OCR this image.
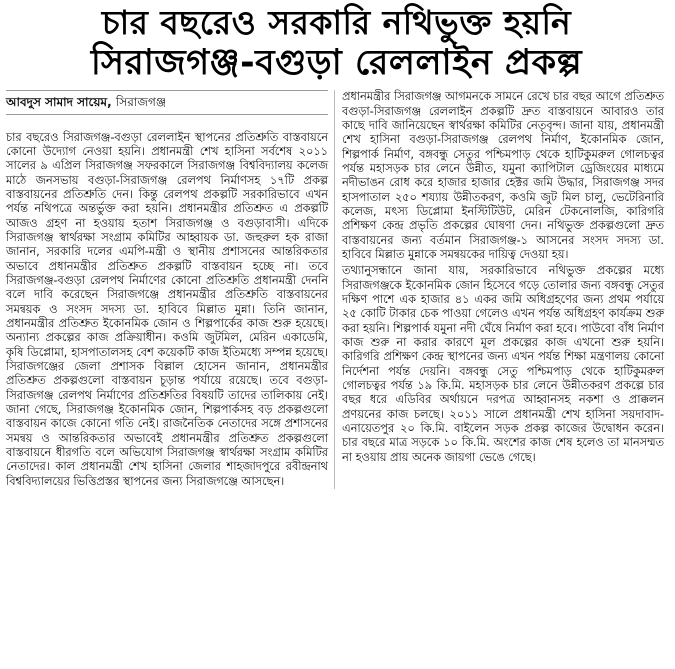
চার বছরেও সরকারি নথিভুক্ত হয়নি
সিরাজগঞ্জ-বগুড়া রেললাইন প্রকল্প
আবদুস সামাদ সায়েম, সিরাজগঞ্জ

চার বছরেও সিরাজগঞ্জ-বগুড়া রেললাইন স্থাপনের প্রতিশ্রুতি বাস্তবায়নে কোনো উদ্যোগ নেওয়া হয়নি। প্রধানমন্ত্রী শেখ হাসিনা সর্বশেষ ২০১১ সালের ৯ এপ্রিল সিরাজগঞ্জ সফরকালে সিরাজগঞ্জ বিশ্ববিদ্যালয় কলেজ মাঠে জনসভায় বগুড়া-সিরাজগঞ্জ রেলপথ নির্মাণসহ ১৭টি প্রকল্প বাস্তবায়নের প্রতিশ্রুতি দেন। কিন্তু রেলপথ প্রকল্পটি সরকারিভাবে এখন পর্যন্ত নথিপত্রে অন্তর্ভুক্ত করা হয়নি। প্রধানমন্ত্রীর প্রতিশ্রুত এ প্রকল্পটি আজও গ্রহণ না হওয়ায় হতাশ সিরাজগঞ্জ ও বগুড়াবাসী। এদিকে সিরাজগঞ্জ স্বার্থরক্ষা সংগ্রাম কমিটির আহ্বায়ক ডা. জহুরুল হক রাজা জানান, সরকারি দলের এমপি-মন্ত্রী ও স্থানীয় প্রশাসনের আন্তরিকতার অভাবে প্রধানমন্ত্রীর প্রতিশ্রুত প্রকল্পটি বাস্তবায়ন হচ্ছে না। তবে সিরাজগঞ্জ-বগুড়া রেলপথ নির্মাণের কোনো প্রতিশ্রুতি প্রধানমন্ত্রী দেননি বলে দাবি করেছেন সিরাজগঞ্জে প্রধানমন্ত্রীর প্রতিশ্রুতি বাস্তবায়নের সমন্বয়ক ও সংসদ সদস্য ডা. হাবিবে মিল্লাত মুন্না। তিনি জানান, প্রধানমন্ত্রীর প্রতিশ্রুত ইকোনমিক জোন ও শিল্পপার্কের কাজ শুরু হয়েছে। অন্যান্য প্রকল্পের কাজ প্রক্রিয়াধীন। কওমি জুটমিল, মেরিন একাডেমি, কৃষি ডিপ্লোমা, হাসপাতালসহ বেশ কয়েকটি কাজ ইতিমধ্যে সম্পন্ন হয়েছে। সিরাজগঞ্জের জেলা প্রশাসক বিল্লাল হোসেন জানান, প্রধানমন্ত্রীর প্রতিশ্রুত প্রকল্পগুলো বাস্তবায়ন চূড়ান্ত পর্যায়ে রয়েছে। তবে বগুড়া-সিরাজগঞ্জ রেলপথ নির্মাণের প্রতিশ্রুতির বিষয়টি তাদের তালিকায় নেই। জানা গেছে, সিরাজগঞ্জ ইকোনমিক জোন, শিল্পপার্কসহ বড় প্রকল্পগুলো বাস্তবায়ন কাজে কোনো গতি নেই। রাজনৈতিক নেতাদের সঙ্গে প্রশাসনের সমন্বয় ও আন্তরিকতার অভাবেই প্রধানমন্ত্রীর প্রতিশ্রুত প্রকল্পগুলো বাস্তবায়নে ধীরগতি বলে অভিযোগ সিরাজগঞ্জ স্বার্থরক্ষা সংগ্রাম কমিটির নেতাদের। কাল প্রধানমন্ত্রী শেখ হাসিনা জেলার শাহজাদপুরে রবীন্দ্রনাথ বিশ্ববিদ্যালয়ের ভিত্তিপ্রস্তর স্থাপনের জন্য সিরাজগঞ্জে আসছেন।

প্রধানমন্ত্রীর সিরাজগঞ্জ আগমনকে সামনে রেখে চার বছর আগে প্রতিশ্রুত বগুড়া-সিরাজগঞ্জ রেললাইন প্রকল্পটি দ্রুত বাস্তবায়নে আবারও তার কাছে দাবি জানিয়েছেন স্বার্থরক্ষা কমিটির নেতৃবৃন্দ। জানা যায়, প্রধানমন্ত্রী শেখ হাসিনা বগুড়া-সিরাজগঞ্জ রেলপথ নির্মাণ, ইকোনমিক জোন, শিল্পপার্ক নির্মাণ, বঙ্গবন্ধু সেতুর পশ্চিমপাড় থেকে হাটিকুমরুল গোলচত্বর পর্যন্ত মহাসড়ক চার লেনে উন্নীত, যমুনা ক্যাপিটাল ড্রেজিংয়ের মাধ্যমে নদীভাঙন রোধ করে হাজার হাজার হেক্টর জমি উদ্ধার, সিরাজগঞ্জ সদর হাসপাতাল ২৫০ শয্যায় উন্নীতকরণ, কওমি জুট মিল চালু, ভেটেরিনারি কলেজ, মৎস্য ডিপ্লোমা ইনস্টিটিউট, মেরিন টেকনোলজি, কারিগরি প্রশিক্ষণ কেন্দ্র প্রভৃতি প্রকল্পের ঘোষণা দেন। নথিভুক্ত প্রকল্পগুলো দ্রুত বাস্তবায়নের জন্য বর্তমান সিরাজগঞ্জ-১ আসনের সংসদ সদস্য ডা. হাবিবে মিল্লাত মুন্নাকে সমন্বয়কের দায়িত্ব দেওয়া হয়।

তথ্যানুসন্ধানে জানা যায়, সরকারিভাবে নথিভুক্ত প্রকল্পের মধ্যে সিরাজগঞ্জকে ইকোনমিক জোন হিসেবে গড়ে তোলার জন্য বঙ্গবন্ধু সেতুর দক্ষিণ পাশে এক হাজার ৪১ একর জমি অধিগ্রহণের জন্য প্রথম পর্যায়ে ২৫ কোটি টাকার চেক পাওয়া গেলেও এখন পর্যন্ত অধিগ্রহণ কার্যক্রম শুরু করা হয়নি। শিল্পপার্ক যমুনা নদী ঘেঁষে নির্মাণ করা হবে। পাউবো বাঁধ নির্মাণ কাজ শুরু না করার কারণে মূল প্রকল্পের কাজ এখনো শুরু হয়নি। কারিগরি প্রশিক্ষণ কেন্দ্র স্থাপনের জন্য এখন পর্যন্ত শিক্ষা মন্ত্রণালয় কোনো নির্দেশনা পর্যন্ত দেয়নি। বঙ্গবন্ধু সেতু পশ্চিমপাড় থেকে হাটিকুমরুল গোলচত্বর পর্যন্ত ১৯ কি.মি. মহাসড়ক চার লেনে উন্নীতকরণ প্রকল্পে চার বছর ধরে এডিবির অর্থায়নে দরপত্র আহ্বানসহ নকশা ও প্রাক্কলন প্রণয়নের কাজ চলছে। ২০১১ সালে প্রধানমন্ত্রী শেখ হাসিনা সয়দাবাদ-এনায়েতপুর ২০ কি.মি. বাইলেন সড়ক প্রকল্প কাজের উদ্বোধন করেন। চার বছরে মাত্র সড়কে ১০ কি.মি. অংশের কাজ শেষ হলেও তা মানসম্মত না হওয়ায় প্রায় অনেক জায়গা ভেঙে গেছে।
